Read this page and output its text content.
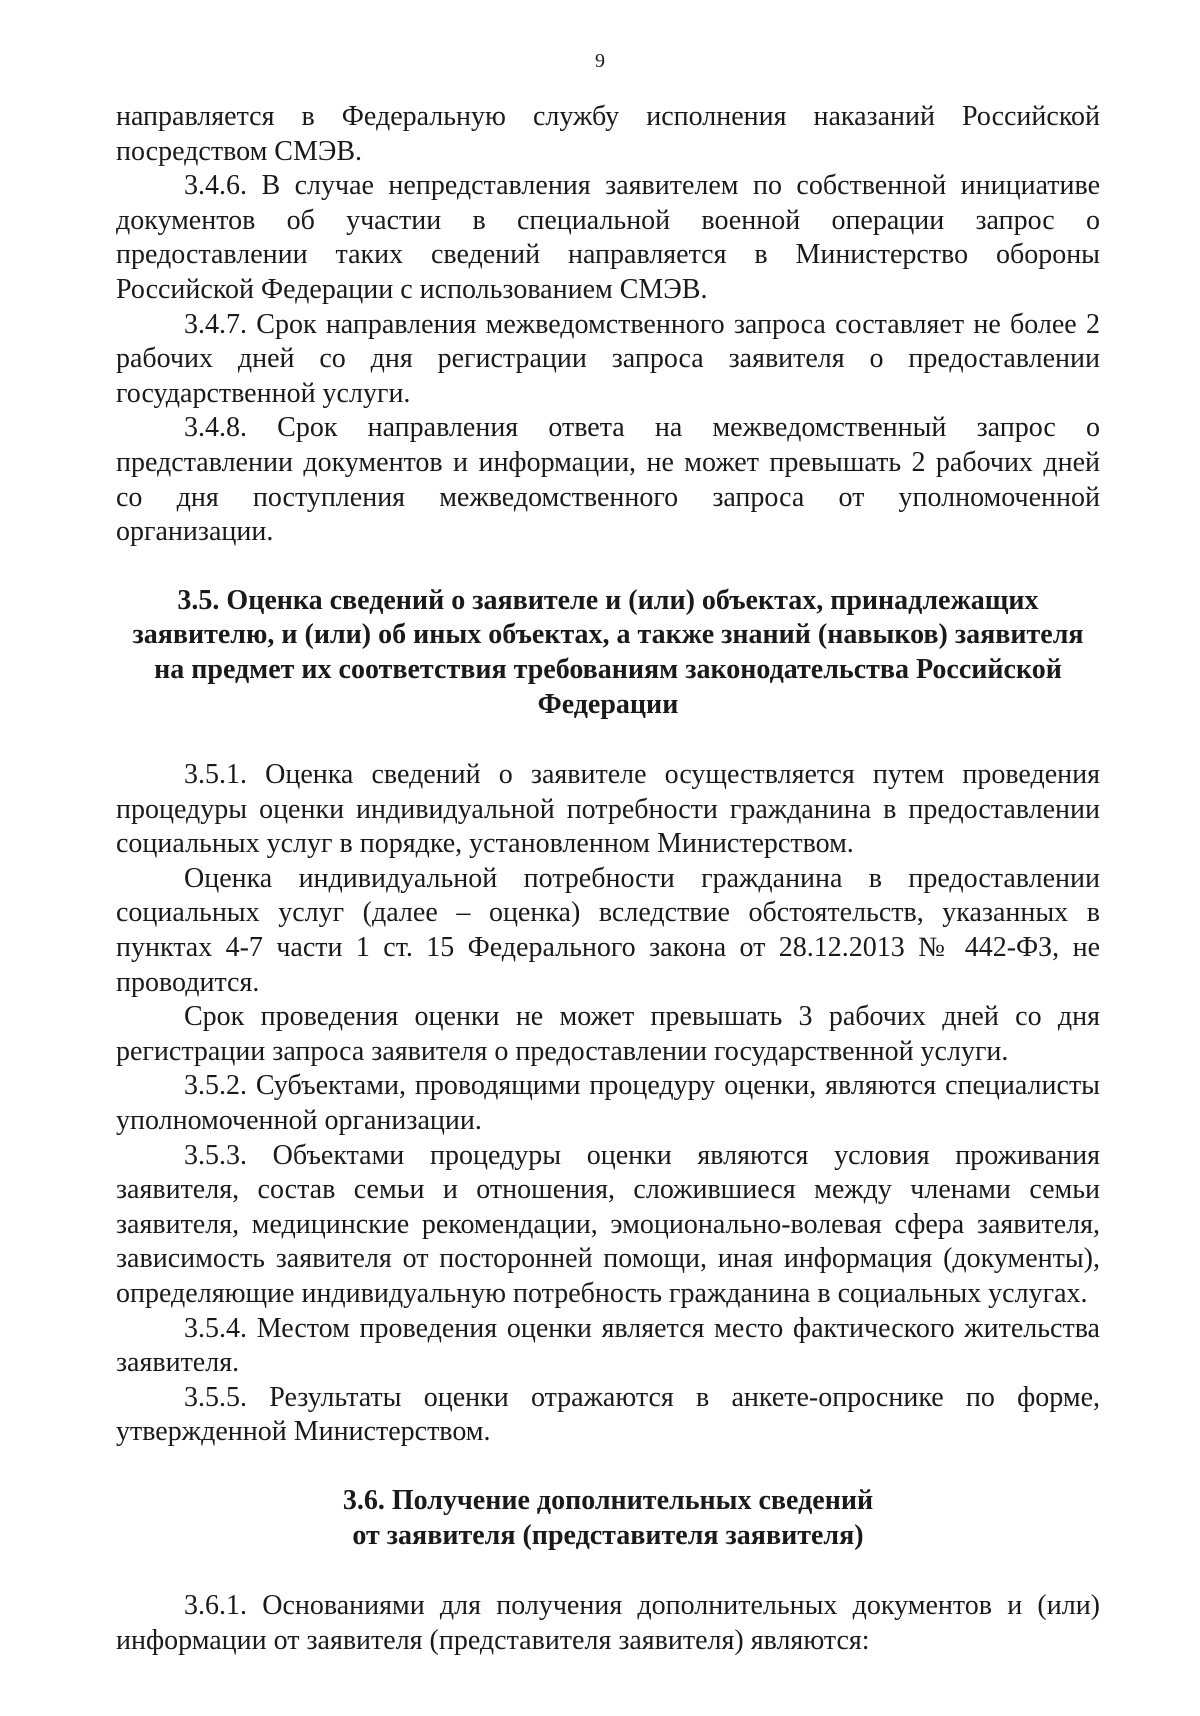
9

направляется в Федеральную службу исполнения наказаний Российской посредством СМЭВ.

3.4.6. В случае непредставления заявителем по собственной инициативе документов об участии в специальной военной операции запрос о предоставлении таких сведений направляется в Министерство обороны Российской Федерации с использованием СМЭВ.

3.4.7. Срок направления межведомственного запроса составляет не более 2 рабочих дней со дня регистрации запроса заявителя о предоставлении государственной услуги.

3.4.8. Срок направления ответа на межведомственный запрос о представлении документов и информации, не может превышать 2 рабочих дней со дня поступления межведомственного запроса от уполномоченной организации.

3.5. Оценка сведений о заявителе и (или) объектах, принадлежащих
заявителю, и (или) об иных объектах, а также знаний (навыков) заявителя
на предмет их соответствия требованиям законодательства Российской
Федерации

3.5.1. Оценка сведений о заявителе осуществляется путем проведения процедуры оценки индивидуальной потребности гражданина в предоставлении социальных услуг в порядке, установленном Министерством.

Оценка индивидуальной потребности гражданина в предоставлении социальных услуг (далее – оценка) вследствие обстоятельств, указанных в пунктах 4-7 части 1 ст. 15 Федерального закона от 28.12.2013 № 442-ФЗ, не проводится.

Срок проведения оценки не может превышать 3 рабочих дней со дня регистрации запроса заявителя о предоставлении государственной услуги.

3.5.2. Субъектами, проводящими процедуру оценки, являются специалисты уполномоченной организации.

3.5.3. Объектами процедуры оценки являются условия проживания заявителя, состав семьи и отношения, сложившиеся между членами семьи заявителя, медицинские рекомендации, эмоционально-волевая сфера заявителя, зависимость заявителя от посторонней помощи, иная информация (документы), определяющие индивидуальную потребность гражданина в социальных услугах.

3.5.4. Местом проведения оценки является место фактического жительства заявителя.

3.5.5. Результаты оценки отражаются в анкете-опроснике по форме, утвержденной Министерством.

3.6. Получение дополнительных сведений
от заявителя (представителя заявителя)

3.6.1. Основаниями для получения дополнительных документов и (или) информации от заявителя (представителя заявителя) являются:
